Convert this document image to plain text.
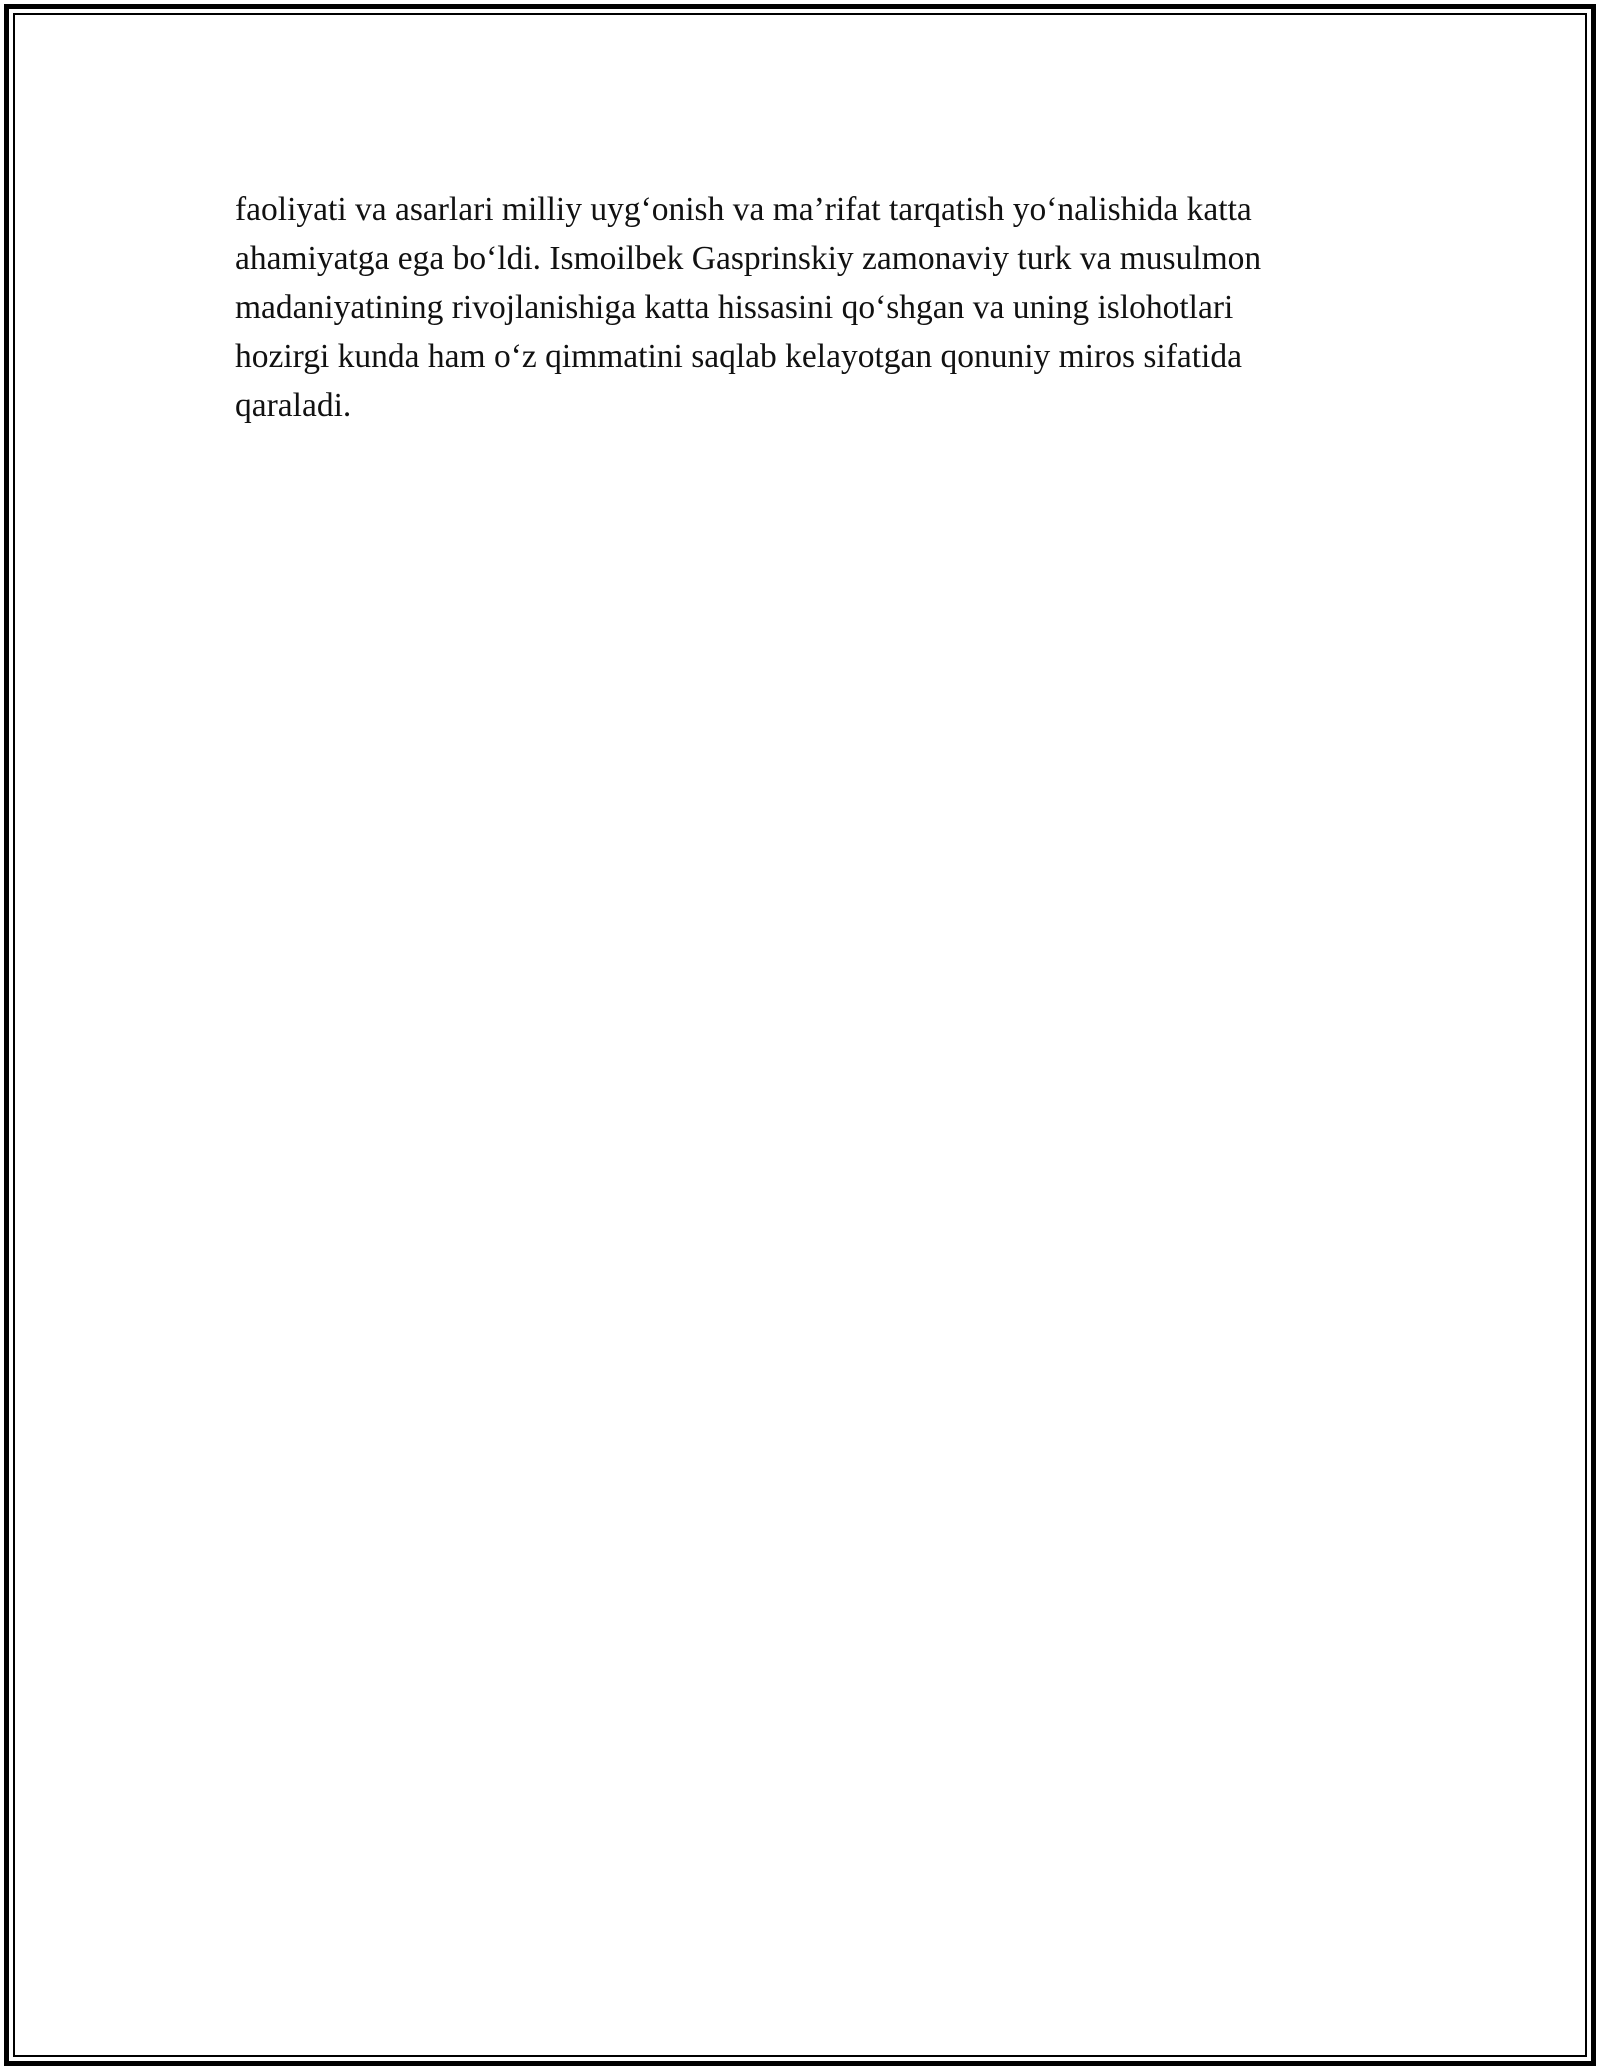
faoliyati va asarlari milliy uyg‘onish va ma’rifat tarqatish yo‘nalishida katta
ahamiyatga ega bo‘ldi. Ismoilbek Gasprinskiy zamonaviy turk va musulmon
madaniyatining rivojlanishiga katta hissasini qo‘shgan va uning islohotlari
hozirgi kunda ham o‘z qimmatini saqlab kelayotgan qonuniy miros sifatida
qaraladi.
